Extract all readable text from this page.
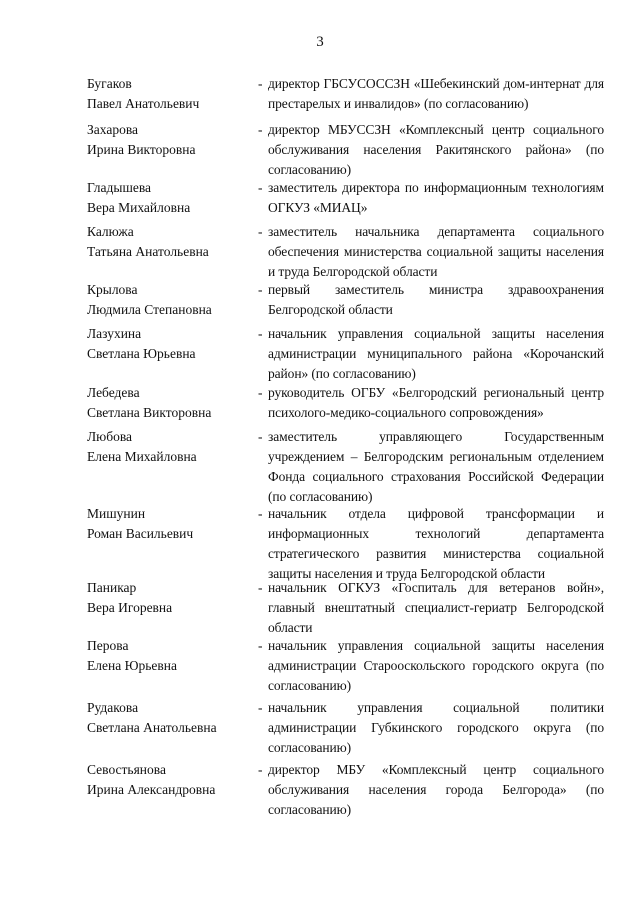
3
Бугаков
Павел Анатольевич
- директор ГБСУСОССЗН «Шебекинский дом-интернат для престарелых и инвалидов» (по согласованию)
Захарова
Ирина Викторовна
- директор МБУССЗН «Комплексный центр социального обслуживания населения Ракитянского района» (по согласованию)
Гладышева
Вера Михайловна
- заместитель директора по информационным технологиям ОГКУЗ «МИАЦ»
Калюжа
Татьяна Анатольевна
- заместитель начальника департамента социального обеспечения министерства социальной защиты населения и труда Белгородской области
Крылова
Людмила Степановна
- первый заместитель министра здравоохранения Белгородской области
Лазухина
Светлана Юрьевна
- начальник управления социальной защиты населения администрации муниципального района «Корочанский район» (по согласованию)
Лебедева
Светлана Викторовна
- руководитель ОГБУ «Белгородский региональный центр психолого-медико-социального сопровождения»
Любова
Елена Михайловна
- заместитель управляющего Государственным учреждением – Белгородским региональным отделением Фонда социального страхования Российской Федерации (по согласованию)
Мишунин
Роман Васильевич
- начальник отдела цифровой трансформации и информационных технологий департамента стратегического развития министерства социальной защиты населения и труда Белгородской области
Паникар
Вера Игоревна
- начальник ОГКУЗ «Госпиталь для ветеранов войн», главный внештатный специалист-гериатр Белгородской области
Перова
Елена Юрьевна
- начальник управления социальной защиты населения администрации Старооскольского городского округа (по согласованию)
Рудакова
Светлана Анатольевна
- начальник управления социальной политики администрации Губкинского городского округа (по согласованию)
Севостьянова
Ирина Александровна
- директор МБУ «Комплексный центр социального обслуживания населения города Белгорода» (по согласованию)
